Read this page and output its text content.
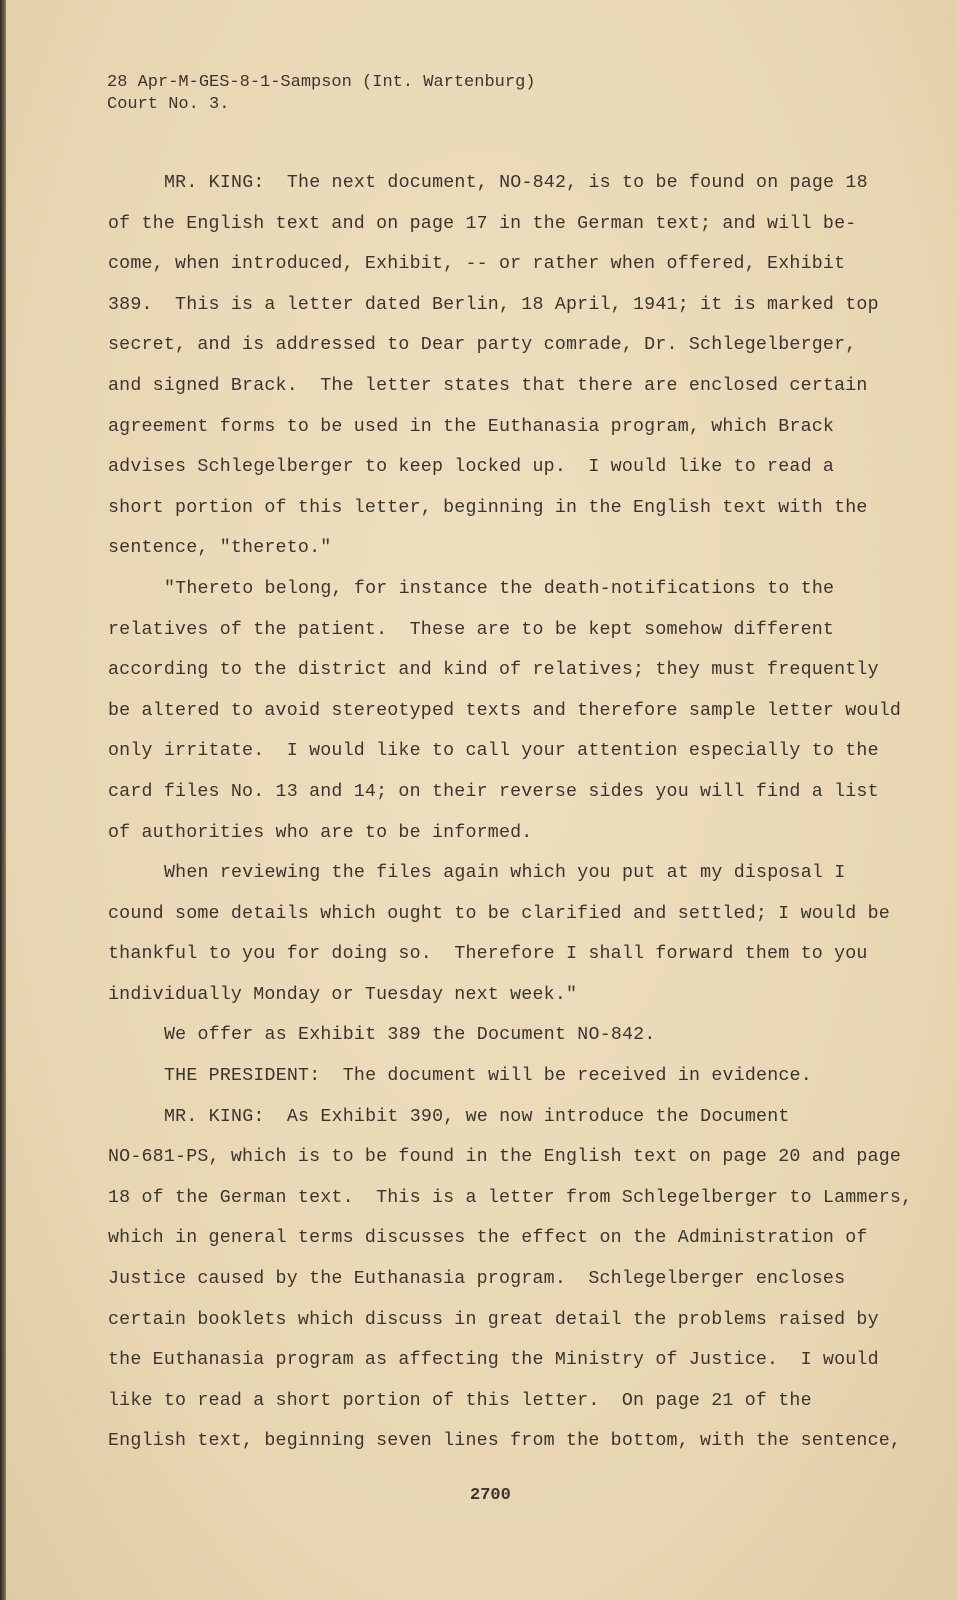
28 Apr-M-GES-8-1-Sampson (Int. Wartenburg)
Court No. 3.
MR. KING:  The next document, NO-842, is to be found on page 18
of the English text and on page 17 in the German text; and will be-
come, when introduced, Exhibit, -- or rather when offered, Exhibit
389.  This is a letter dated Berlin, 18 April, 1941; it is marked top
secret, and is addressed to Dear party comrade, Dr. Schlegelberger,
and signed Brack.  The letter states that there are enclosed certain
agreement forms to be used in the Euthanasia program, which Brack
advises Schlegelberger to keep locked up.  I would like to read a
short portion of this letter, beginning in the English text with the
sentence, "thereto."
"Thereto belong, for instance the death-notifications to the
relatives of the patient.  These are to be kept somehow different
according to the district and kind of relatives; they must frequently
be altered to avoid stereotyped texts and therefore sample letter would
only irritate.  I would like to call your attention especially to the
card files No. 13 and 14; on their reverse sides you will find a list
of authorities who are to be informed.
When reviewing the files again which you put at my disposal I
cound some details which ought to be clarified and settled; I would be
thankful to you for doing so.  Therefore I shall forward them to you
individually Monday or Tuesday next week."
We offer as Exhibit 389 the Document NO-842.
THE PRESIDENT:  The document will be received in evidence.
MR. KING:  As Exhibit 390, we now introduce the Document
NO-681-PS, which is to be found in the English text on page 20 and page
18 of the German text.  This is a letter from Schlegelberger to Lammers,
which in general terms discusses the effect on the Administration of
Justice caused by the Euthanasia program.  Schlegelberger encloses
certain booklets which discuss in great detail the problems raised by
the Euthanasia program as affecting the Ministry of Justice.  I would
like to read a short portion of this letter.  On page 21 of the
English text, beginning seven lines from the bottom, with the sentence,
2700
